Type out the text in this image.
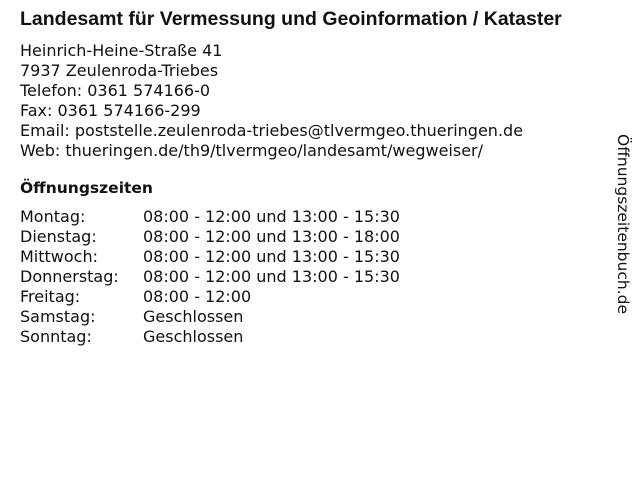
Landesamt für Vermessung und Geoinformation / Kataster
Heinrich-Heine-Straße 41
7937 Zeulenroda-Triebes
Telefon: 0361 574166-0
Fax: 0361 574166-299
Email: poststelle.zeulenroda-triebes@tlvermgeo.thueringen.de
Web: thueringen.de/th9/tlvermgeo/landesamt/wegweiser/
Öffnungszeiten
Montag:	08:00 - 12:00 und 13:00 - 15:30
Dienstag:	08:00 - 12:00 und 13:00 - 18:00
Mittwoch:	08:00 - 12:00 und 13:00 - 15:30
Donnerstag:	08:00 - 12:00 und 13:00 - 15:30
Freitag:	08:00 - 12:00
Samstag:	Geschlossen
Sonntag:	Geschlossen
Öffnungszeitenbuch.de
